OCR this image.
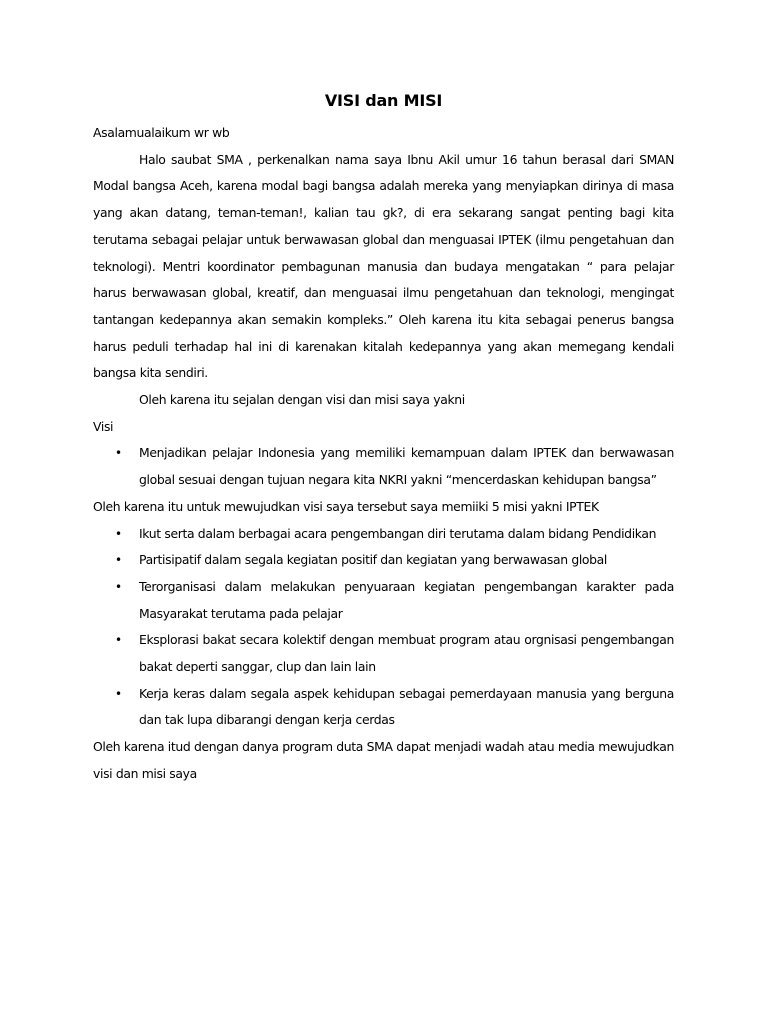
VISI dan MISI

Asalamualaikum wr wb

Halo saubat SMA , perkenalkan nama saya Ibnu Akil umur 16 tahun berasal dari SMAN Modal bangsa Aceh, karena modal bagi bangsa adalah mereka yang menyiapkan dirinya di masa yang akan datang, teman-teman!, kalian tau gk?, di era sekarang sangat penting bagi kita terutama sebagai pelajar untuk berwawasan global dan menguasai IPTEK (ilmu pengetahuan dan teknologi). Mentri koordinator pembagunan manusia dan budaya mengatakan “ para pelajar harus berwawasan global, kreatif, dan menguasai ilmu pengetahuan dan teknologi, mengingat tantangan kedepannya akan semakin kompleks.” Oleh karena itu kita sebagai penerus bangsa harus peduli terhadap hal ini di karenakan kitalah kedepannya yang akan memegang kendali bangsa kita sendiri.

Oleh karena itu sejalan dengan visi dan misi saya yakni

Visi

• Menjadikan pelajar Indonesia yang memiliki kemampuan dalam IPTEK dan berwawasan global sesuai dengan tujuan negara kita NKRI yakni “mencerdaskan kehidupan bangsa”

Oleh karena itu untuk mewujudkan visi saya tersebut saya memiiki 5 misi yakni IPTEK

• Ikut serta dalam berbagai acara pengembangan diri terutama dalam bidang Pendidikan
• Partisipatif dalam segala kegiatan positif dan kegiatan yang berwawasan global
• Terorganisasi dalam melakukan penyuaraan kegiatan pengembangan karakter pada Masyarakat terutama pada pelajar
• Eksplorasi bakat secara kolektif dengan membuat program atau orgnisasi pengembangan bakat deperti sanggar, clup dan lain lain
• Kerja keras dalam segala aspek kehidupan sebagai pemerdayaan manusia yang berguna dan tak lupa dibarangi dengan kerja cerdas

Oleh karena itud dengan danya program duta SMA dapat menjadi wadah atau media mewujudkan visi dan misi saya
